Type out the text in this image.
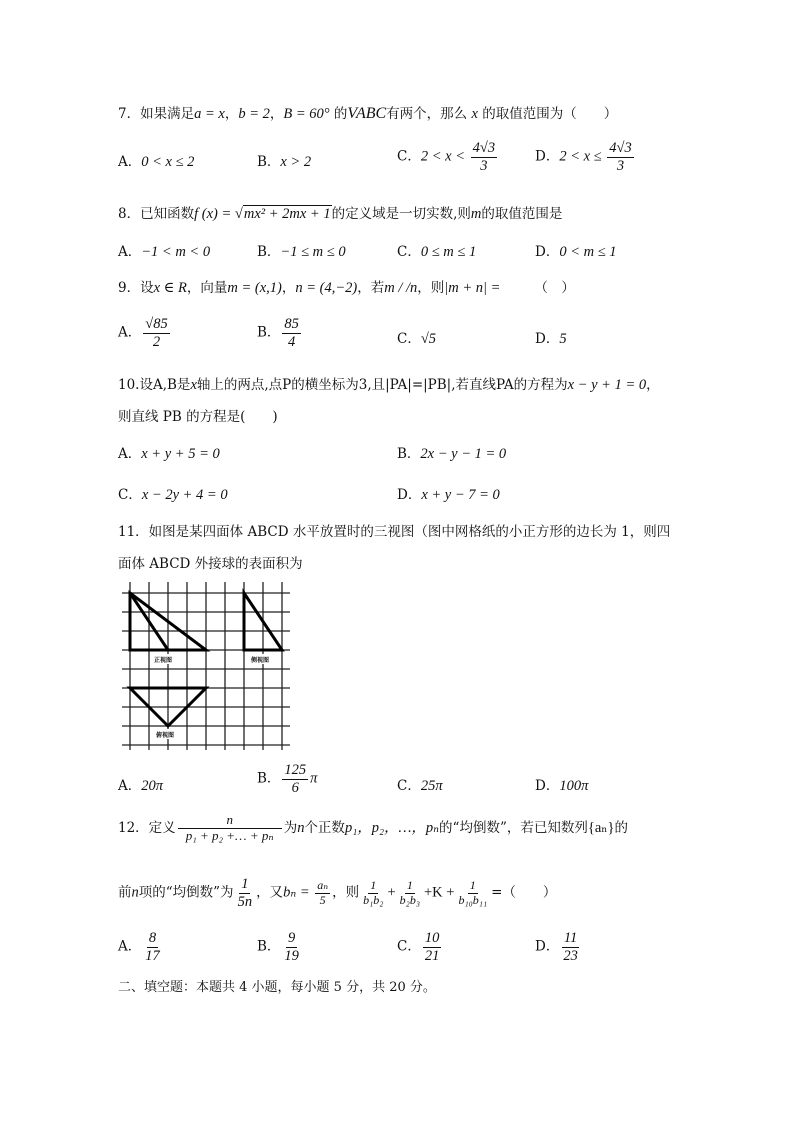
7．如果满足a = x，b = 2，B = 60° 的VABC有两个，那么 x 的取值范围为（　　）
A．0 < x ≤ 2	B．x > 2	C．$2 < x < \frac{4√3}{3}$	D．$2 < x \le \frac{4√3}{3}$
8．已知函数f (x) = √mx² + 2mx + 1的定义域是一切实数,则m的取值范围是
A．−1 < m < 0	B．−1 ≤ m ≤ 0	C．0 ≤ m ≤ 1	D．0 < m ≤ 1
9．设x ∈ R，向量m = (x,1)，n = (4,−2)，若m / /n，则|m + n| =	（　）
A． $\frac{√85}{2}$	B． $\frac{85}{4}$	C．√5	D．5
10.设A,B是x轴上的两点,点P的横坐标为3,且|PA|=|PB|,若直线PA的方程为x − y + 1 = 0，
则直线 PB 的方程是(　　)
A．x + y + 5 = 0	B．2x − y − 1 = 0
C．x − 2y + 4 = 0	D．x + y − 7 = 0
11．如图是某四面体 ABCD 水平放置时的三视图（图中网格纸的小正方形的边长为 1，则四
面体 ABCD 外接球的表面积为
正视图	侧视图
俯视图
A．20π	B． $\frac{125}{6}$ π	C．25π	D．100π
12．定义 $\frac{n}{\text{p₁ + p₂ +… + pₙ}}$ 为n个正数p₁，p₂，…，pₙ的“均倒数”，若已知数列{aₙ}的
前n项的“均倒数”为 $\frac{1}{5n}$ ，又$b_n = \frac{\text{aₙ}}{5}$ ，则 $\frac{1}{\text{b₁b₂}} + \frac{1}{\text{b₂b₃}} +K + \frac{1}{\text{b₁₀b₁₁}}$ =（　　）
A． $\frac{8}{17}$	B． $\frac{9}{19}$	C． $\frac{10}{21}$	D． $\frac{11}{23}$
二、填空题：本题共 4 小题，每小题 5 分，共 20 分。
